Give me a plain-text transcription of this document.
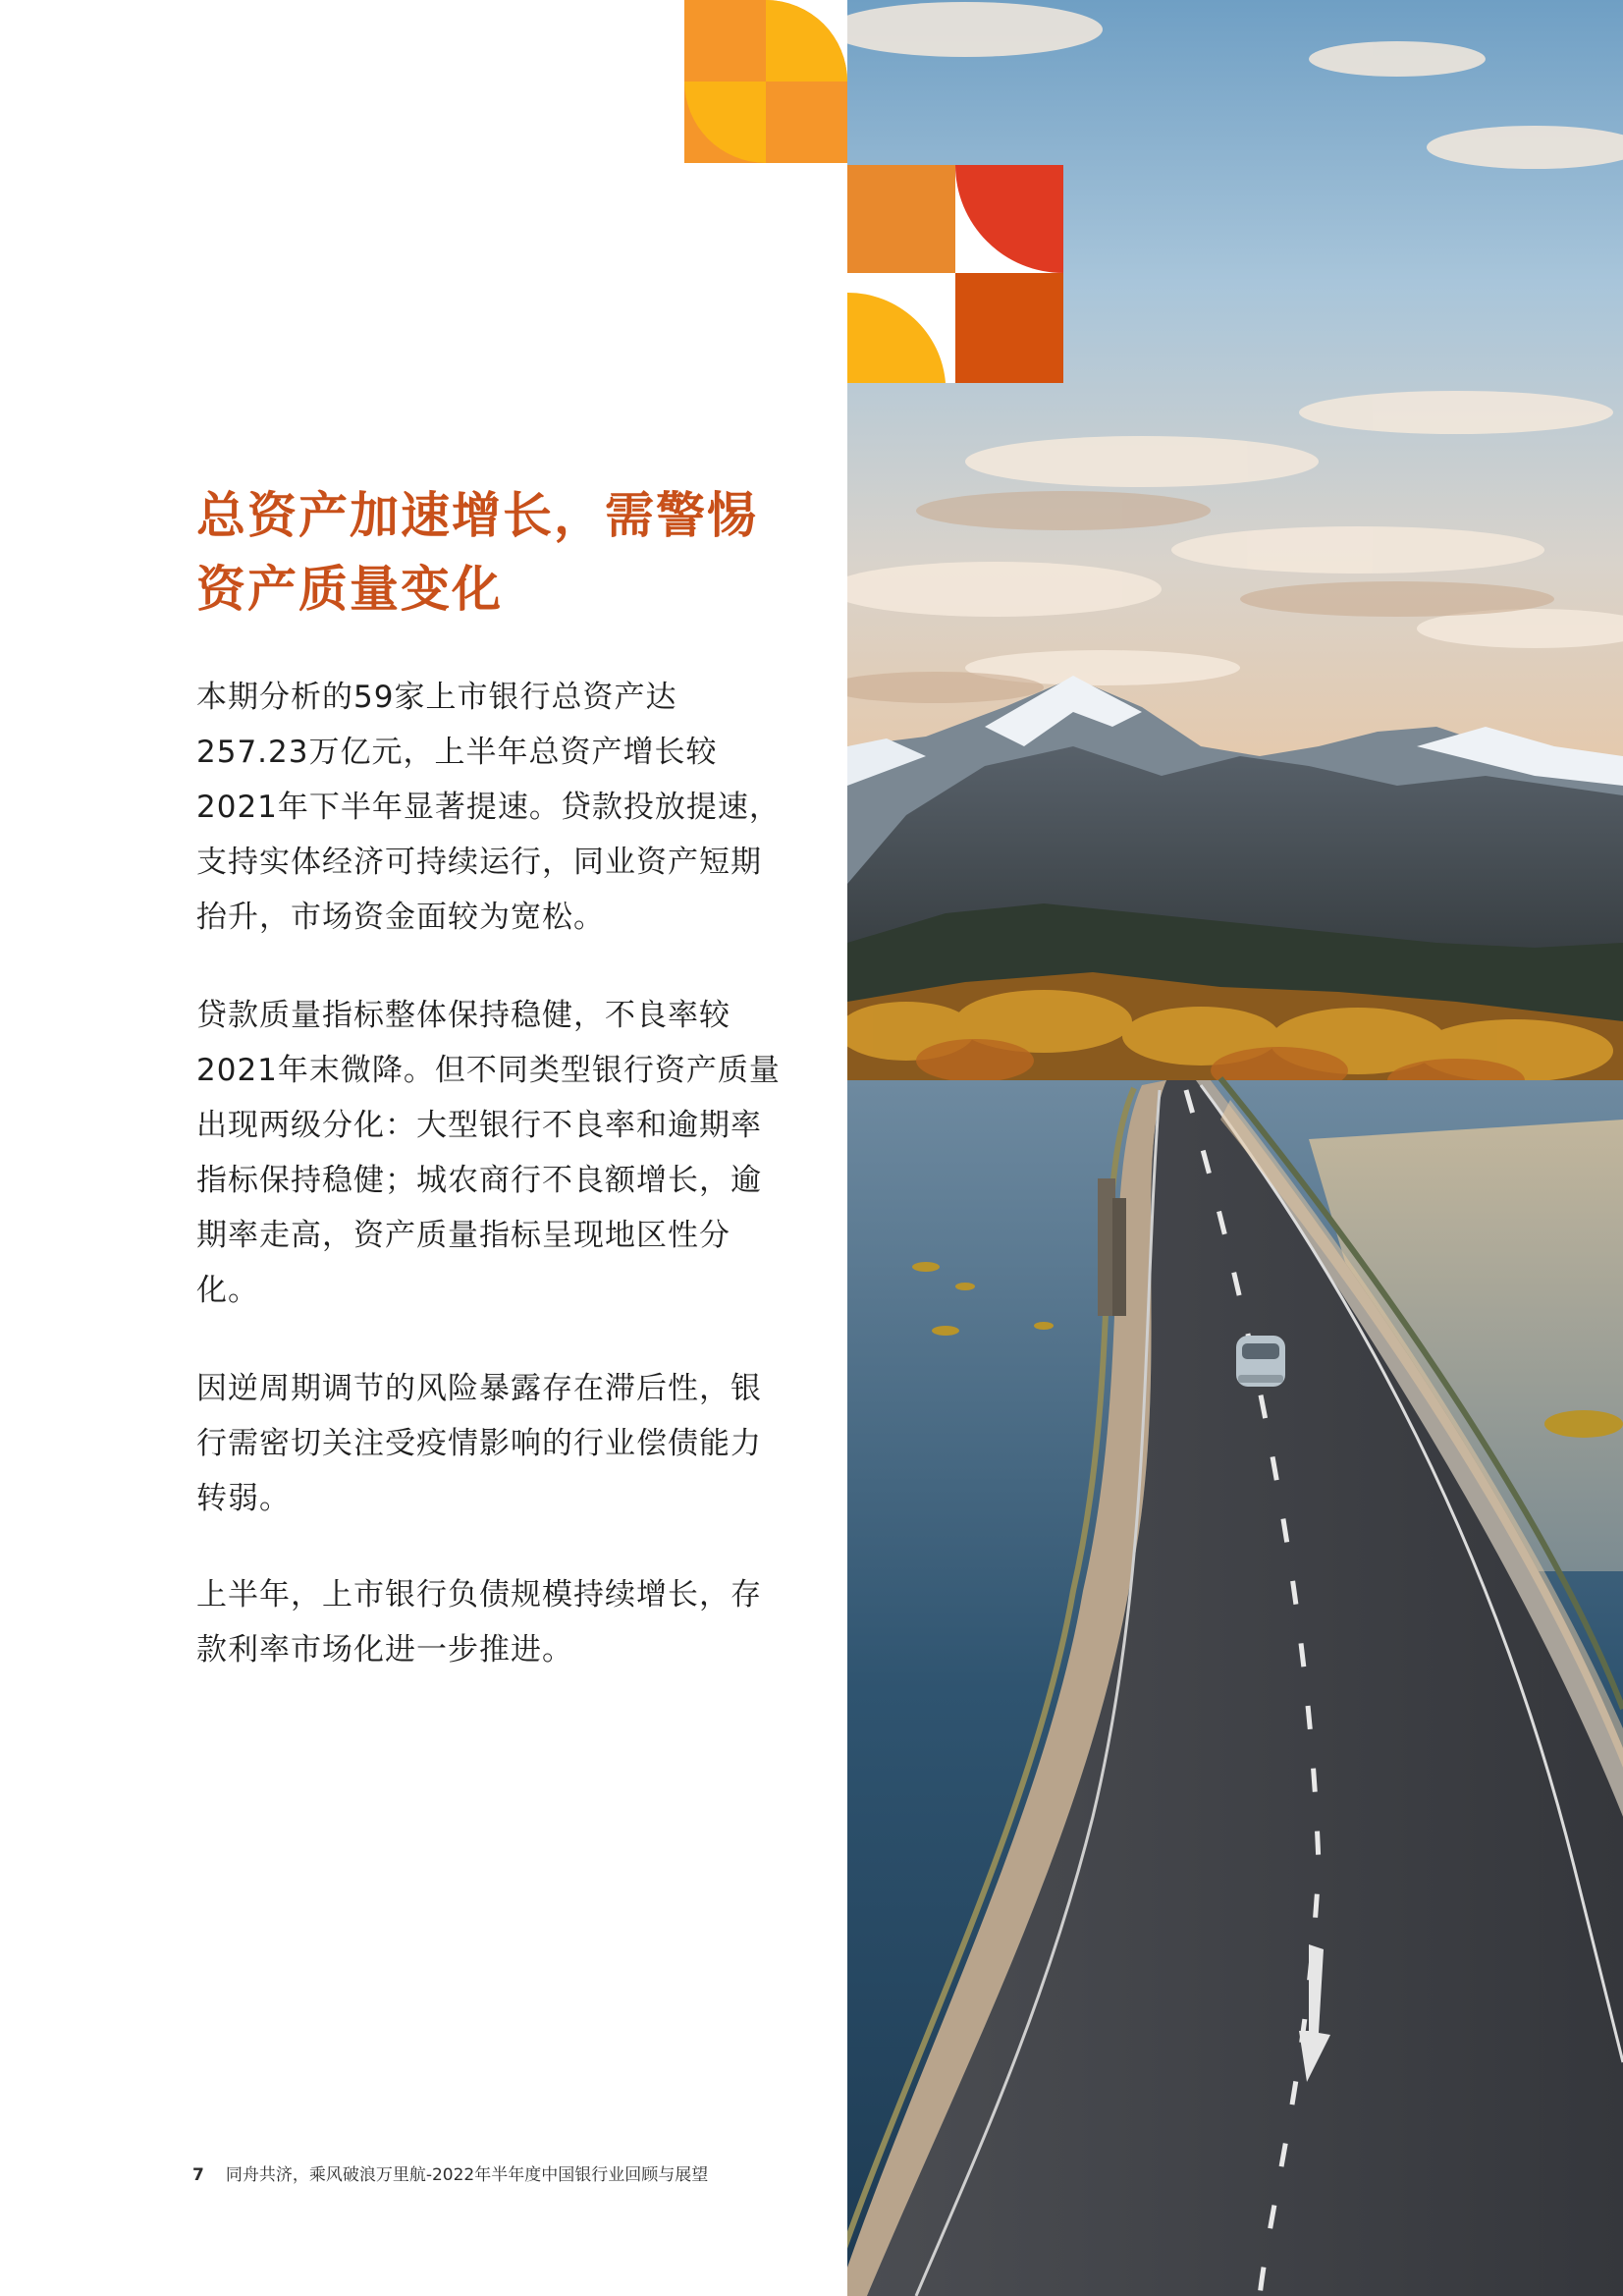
总资产加速增长，需警惕资产质量变化

本期分析的59家上市银行总资产达257.23万亿元，上半年总资产增长较2021年下半年显著提速。贷款投放提速，支持实体经济可持续运行，同业资产短期抬升，市场资金面较为宽松。

贷款质量指标整体保持稳健，不良率较2021年末微降。但不同类型银行资产质量出现两级分化：大型银行不良率和逾期率指标保持稳健；城农商行不良额增长，逾期率走高，资产质量指标呈现地区性分化。

因逆周期调节的风险暴露存在滞后性，银行需密切关注受疫情影响的行业偿债能力转弱。

上半年，上市银行负债规模持续增长，存款利率市场化进一步推进。

7 同舟共济，乘风破浪万里航-2022年半年度中国银行业回顾与展望
